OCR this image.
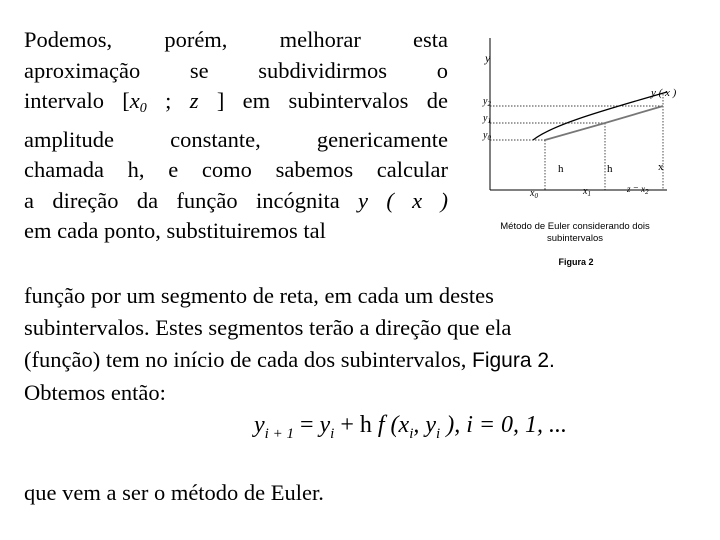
Podemos, porém, melhorar esta
aproximação se subdividirmos o
intervalo [$x_0$ ; z ] em subintervalos de
amplitude constante, genericamente
chamada h, e como sabemos calcular
a direção da função incógnita y ( x )
em cada ponto, substituiremos tal
y
y ( x )
$y_2$
$y_1$
$y_0$
h	h	x
$x_0$	$x_1$	$z = x_2$
Método de Euler considerando dois
subintervalos
Figura 2
função por um segmento de reta, em cada um destes
subintervalos. Estes segmentos terão a direção que ela
(função) tem no início de cada dos subintervalos, Figura 2.
Obtemos então:
$y_{i + 1} = y_i + h$ f ($x_i$, $y_i$ ), i = 0, 1, ...
que vem a ser o método de Euler.
